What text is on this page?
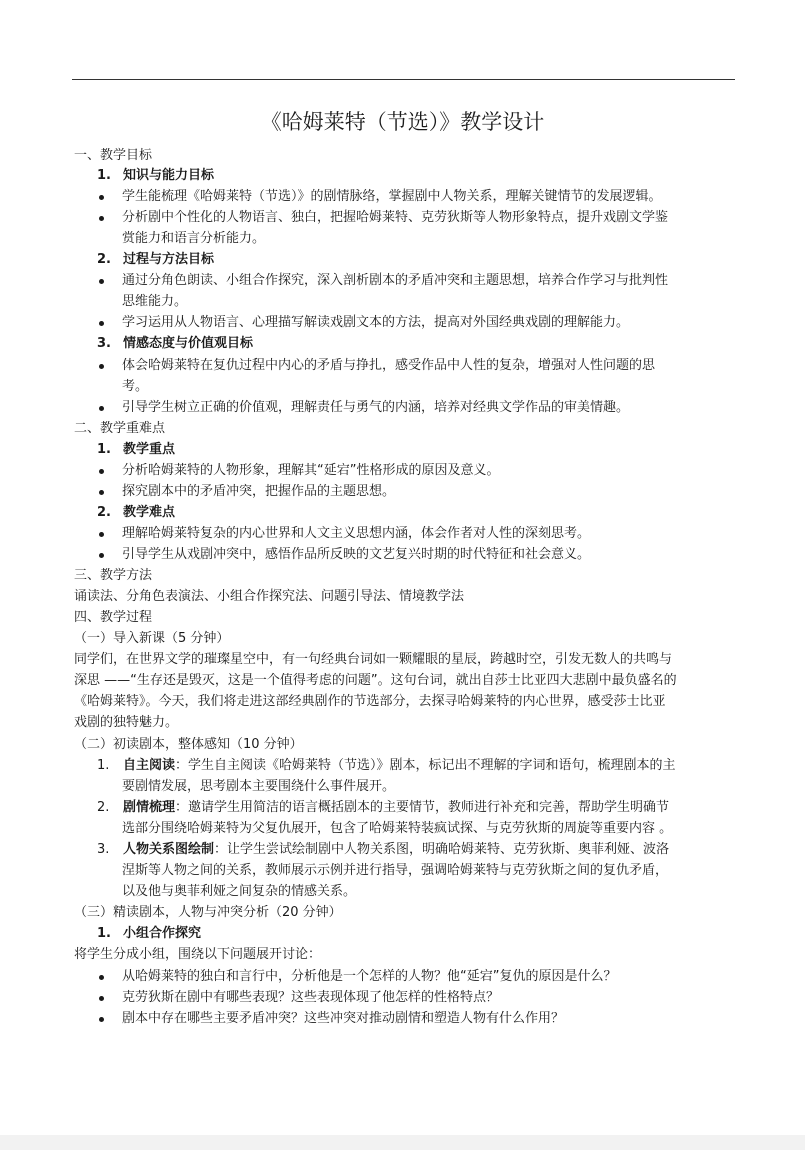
《哈姆莱特（节选）》教学设计
一、教学目标
1. 知识与能力目标
学生能梳理《哈姆莱特（节选）》的剧情脉络，掌握剧中人物关系，理解关键情节的发展逻辑。
分析剧中个性化的人物语言、独白，把握哈姆莱特、克劳狄斯等人物形象特点，提升戏剧文学鉴
赏能力和语言分析能力。
2. 过程与方法目标
通过分角色朗读、小组合作探究，深入剖析剧本的矛盾冲突和主题思想，培养合作学习与批判性
思维能力。
学习运用从人物语言、心理描写解读戏剧文本的方法，提高对外国经典戏剧的理解能力。
3. 情感态度与价值观目标
体会哈姆莱特在复仇过程中内心的矛盾与挣扎，感受作品中人性的复杂，增强对人性问题的思
考。
引导学生树立正确的价值观，理解责任与勇气的内涵，培养对经典文学作品的审美情趣。
二、教学重难点
1. 教学重点
分析哈姆莱特的人物形象，理解其“延宕”性格形成的原因及意义。
探究剧本中的矛盾冲突，把握作品的主题思想。
2. 教学难点
理解哈姆莱特复杂的内心世界和人文主义思想内涵，体会作者对人性的深刻思考。
引导学生从戏剧冲突中，感悟作品所反映的文艺复兴时期的时代特征和社会意义。
三、教学方法
诵读法、分角色表演法、小组合作探究法、问题引导法、情境教学法
四、教学过程
（一）导入新课（5 分钟）
同学们，在世界文学的璀璨星空中，有一句经典台词如一颗耀眼的星辰，跨越时空，引发无数人的共鸣与
深思 ——“生存还是毁灭，这是一个值得考虑的问题”。这句台词，就出自莎士比亚四大悲剧中最负盛名的
《哈姆莱特》。今天，我们将走进这部经典剧作的节选部分，去探寻哈姆莱特的内心世界，感受莎士比亚
戏剧的独特魅力。
（二）初读剧本，整体感知（10 分钟）
1. 自主阅读：学生自主阅读《哈姆莱特（节选）》剧本，标记出不理解的字词和语句，梳理剧本的主
要剧情发展，思考剧本主要围绕什么事件展开。
2. 剧情梳理：邀请学生用简洁的语言概括剧本的主要情节，教师进行补充和完善，帮助学生明确节
选部分围绕哈姆莱特为父复仇展开，包含了哈姆莱特装疯试探、与克劳狄斯的周旋等重要内容 。
3. 人物关系图绘制：让学生尝试绘制剧中人物关系图，明确哈姆莱特、克劳狄斯、奥菲利娅、波洛
涅斯等人物之间的关系，教师展示示例并进行指导，强调哈姆莱特与克劳狄斯之间的复仇矛盾，
以及他与奥菲利娅之间复杂的情感关系。
（三）精读剧本，人物与冲突分析（20 分钟）
1. 小组合作探究
将学生分成小组，围绕以下问题展开讨论：
从哈姆莱特的独白和言行中，分析他是一个怎样的人物？他“延宕”复仇的原因是什么？
克劳狄斯在剧中有哪些表现？这些表现体现了他怎样的性格特点？
剧本中存在哪些主要矛盾冲突？这些冲突对推动剧情和塑造人物有什么作用？
